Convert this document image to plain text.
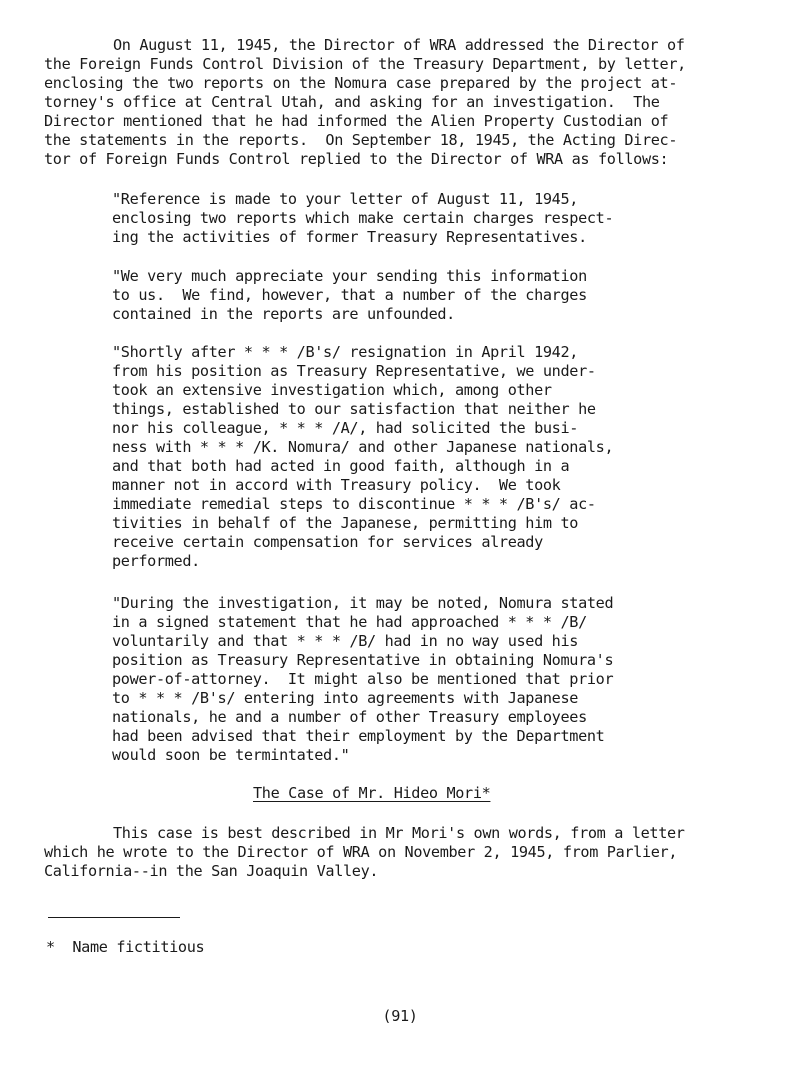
On August 11, 1945, the Director of WRA addressed the Director of

the Foreign Funds Control Division of the Treasury Department, by letter,

enclosing the two reports on the Nomura case prepared by the project at-

torney's office at Central Utah, and asking for an investigation.  The

Director mentioned that he had informed the Alien Property Custodian of

the statements in the reports.  On September 18, 1945, the Acting Direc-

tor of Foreign Funds Control replied to the Director of WRA as follows:

"Reference is made to your letter of August 11, 1945,

enclosing two reports which make certain charges respect-

ing the activities of former Treasury Representatives.

"We very much appreciate your sending this information

to us.  We find, however, that a number of the charges

contained in the reports are unfounded.

"Shortly after * * * /B's/ resignation in April 1942,

from his position as Treasury Representative, we under-

took an extensive investigation which, among other

things, established to our satisfaction that neither he

nor his colleague, * * * /A/, had solicited the busi-

ness with * * * /K. Nomura/ and other Japanese nationals,

and that both had acted in good faith, although in a

manner not in accord with Treasury policy.  We took

immediate remedial steps to discontinue * * * /B's/ ac-

tivities in behalf of the Japanese, permitting him to

receive certain compensation for services already

performed.

"During the investigation, it may be noted, Nomura stated

in a signed statement that he had approached * * * /B/

voluntarily and that * * * /B/ had in no way used his

position as Treasury Representative in obtaining Nomura's

power-of-attorney.  It might also be mentioned that prior

to * * * /B's/ entering into agreements with Japanese

nationals, he and a number of other Treasury employees

had been advised that their employment by the Department

would soon be termintated."

The Case of Mr. Hideo Mori*

This case is best described in Mr Mori's own words, from a letter

which he wrote to the Director of WRA on November 2, 1945, from Parlier,

California--in the San Joaquin Valley.

*  Name fictitious

(91)
